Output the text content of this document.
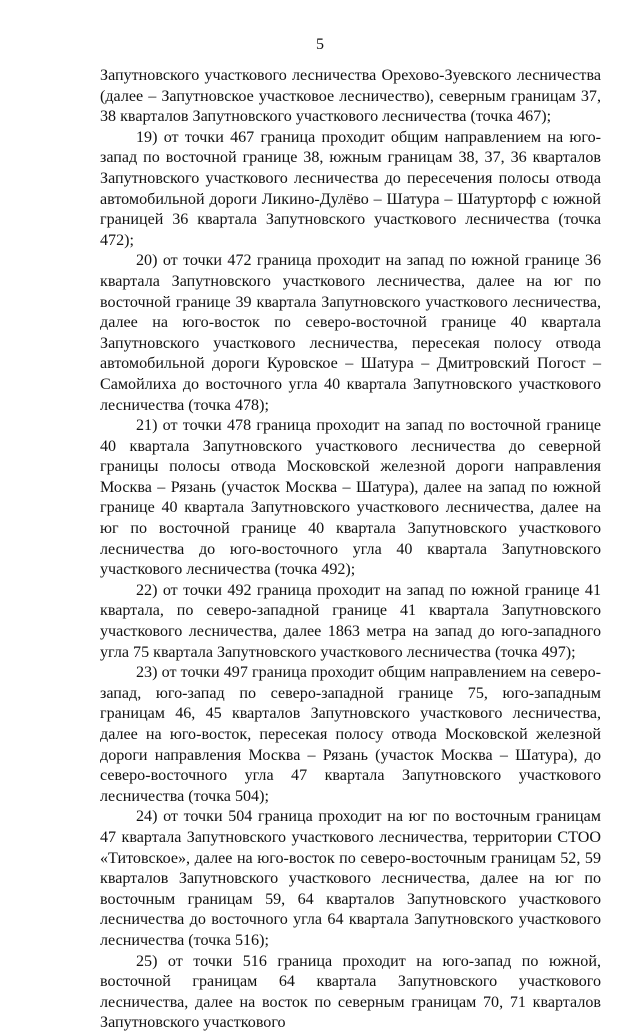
5

Запутновского участкового лесничества Орехово-Зуевского лесничества (далее – Запутновское участковое лесничество), северным границам 37, 38 кварталов Запутновского участкового лесничества (точка 467);

19) от точки 467 граница проходит общим направлением на юго-запад по восточной границе 38, южным границам 38, 37, 36 кварталов Запутновского участкового лесничества до пересечения полосы отвода автомобильной дороги Ликино-Дулёво – Шатура – Шатурторф с южной границей 36 квартала Запутновского участкового лесничества (точка 472);

20) от точки 472 граница проходит на запад по южной границе 36 квартала Запутновского участкового лесничества, далее на юг по восточной границе 39 квартала Запутновского участкового лесничества, далее на юго-восток по северо-восточной границе 40 квартала Запутновского участкового лесничества, пересекая полосу отвода автомобильной дороги Куровское – Шатура – Дмитровский Погост – Самойлиха до восточного угла 40 квартала Запутновского участкового лесничества (точка 478);

21) от точки 478 граница проходит на запад по восточной границе 40 квартала Запутновского участкового лесничества до северной границы полосы отвода Московской железной дороги направления Москва – Рязань (участок Москва – Шатура), далее на запад по южной границе 40 квартала Запутновского участкового лесничества, далее на юг по восточной границе 40 квартала Запутновского участкового лесничества до юго-восточного угла 40 квартала Запутновского участкового лесничества (точка 492);

22) от точки 492 граница проходит на запад по южной границе 41 квартала, по северо-западной границе 41 квартала Запутновского участкового лесничества, далее 1863 метра на запад до юго-западного угла 75 квартала Запутновского участкового лесничества (точка 497);

23) от точки 497 граница проходит общим направлением на северо-запад, юго-запад по северо-западной границе 75, юго-западным границам 46, 45 кварталов Запутновского участкового лесничества, далее на юго-восток, пересекая полосу отвода Московской железной дороги направления Москва – Рязань (участок Москва – Шатура), до северо-восточного угла 47 квартала Запутновского участкового лесничества (точка 504);

24) от точки 504 граница проходит на юг по восточным границам 47 квартала Запутновского участкового лесничества, территории СТОО «Титовское», далее на юго-восток по северо-восточным границам 52, 59 кварталов Запутновского участкового лесничества, далее на юг по восточным границам 59, 64 кварталов Запутновского участкового лесничества до восточного угла 64 квартала Запутновского участкового лесничества (точка 516);

25) от точки 516 граница проходит на юго-запад по южной, восточной границам 64 квартала Запутновского участкового лесничества, далее на восток по северным границам 70, 71 кварталов Запутновского участкового
